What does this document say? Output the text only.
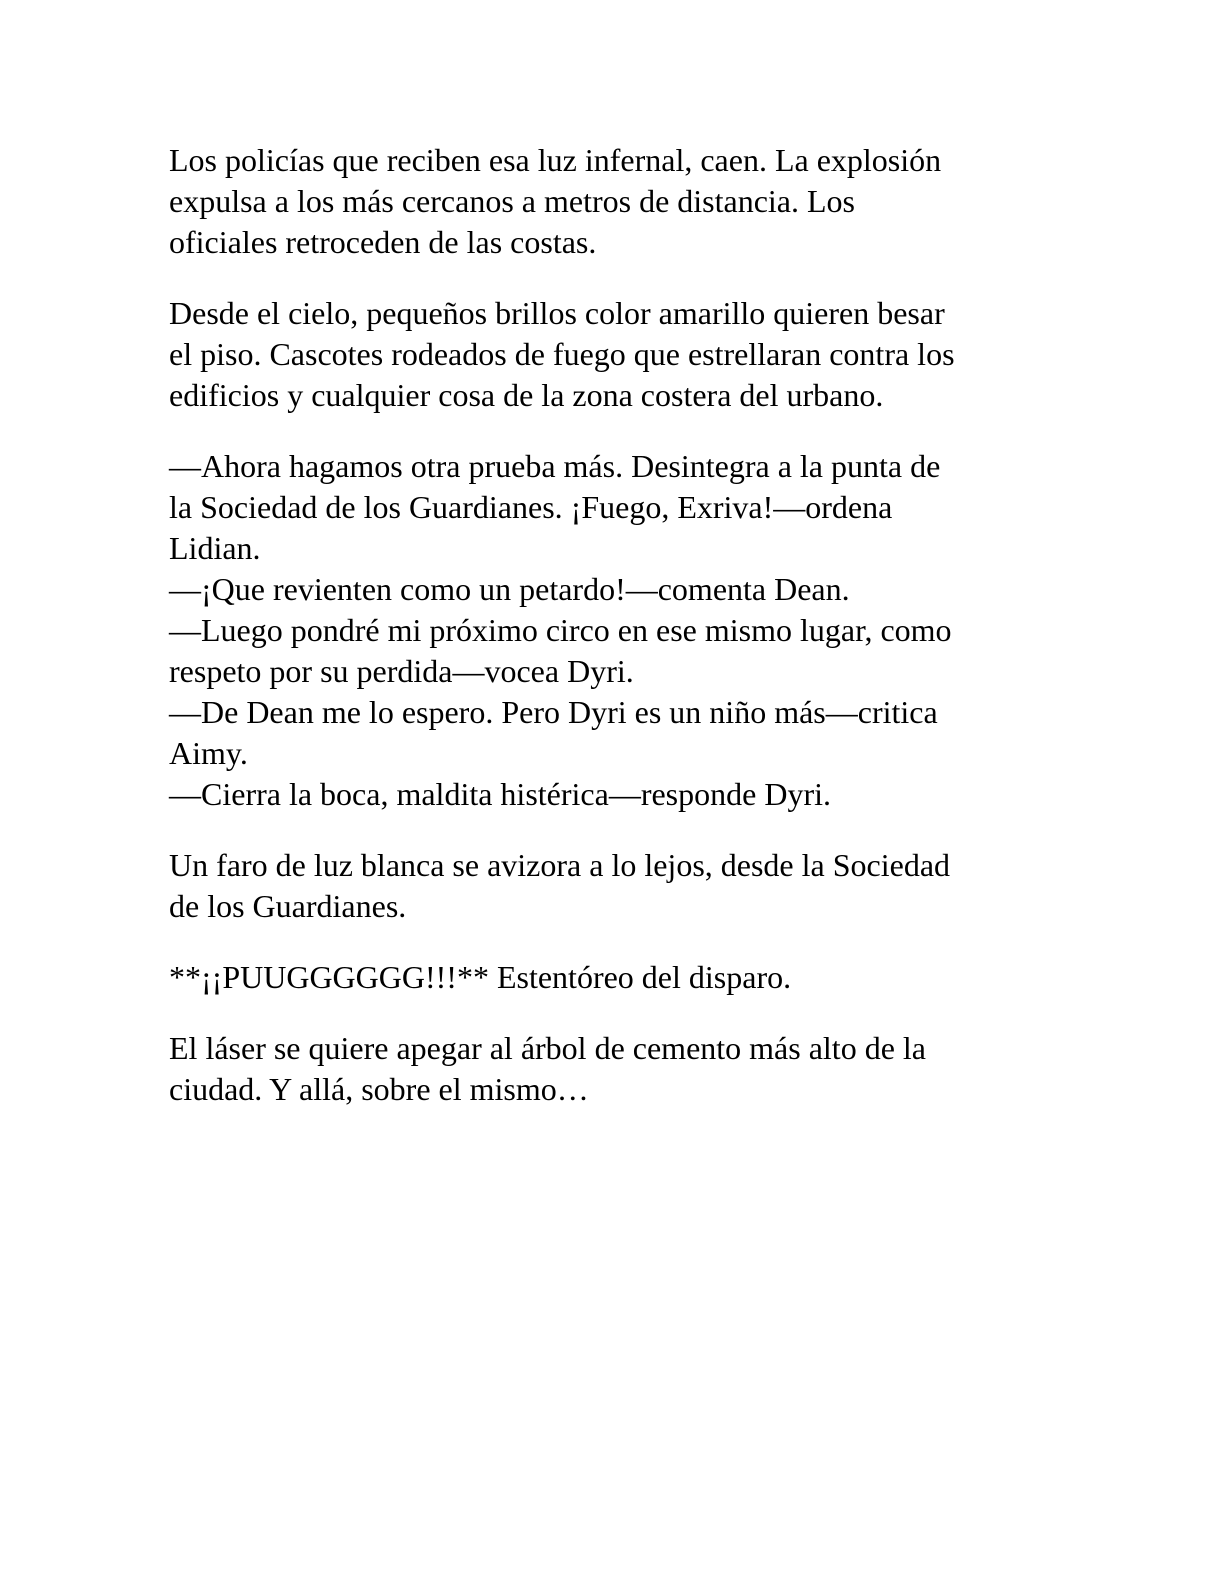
Los policías que reciben esa luz infernal, caen. La explosión
expulsa a los más cercanos a metros de distancia. Los
oficiales retroceden de las costas.

Desde el cielo, pequeños brillos color amarillo quieren besar
el piso. Cascotes rodeados de fuego que estrellaran contra los
edificios y cualquier cosa de la zona costera del urbano.

—Ahora hagamos otra prueba más. Desintegra a la punta de
la Sociedad de los Guardianes. ¡Fuego, Exriva!—ordena
Lidian.

—¡Que revienten como un petardo!—comenta Dean.

—Luego pondré mi próximo circo en ese mismo lugar, como
respeto por su perdida—vocea Dyri.

—De Dean me lo espero. Pero Dyri es un niño más—critica
Aimy.

—Cierra la boca, maldita histérica—responde Dyri.

Un faro de luz blanca se avizora a lo lejos, desde la Sociedad
de los Guardianes.

**¡¡PUUGGGGGG!!!** Estentóreo del disparo.

El láser se quiere apegar al árbol de cemento más alto de la
ciudad. Y allá, sobre el mismo…
